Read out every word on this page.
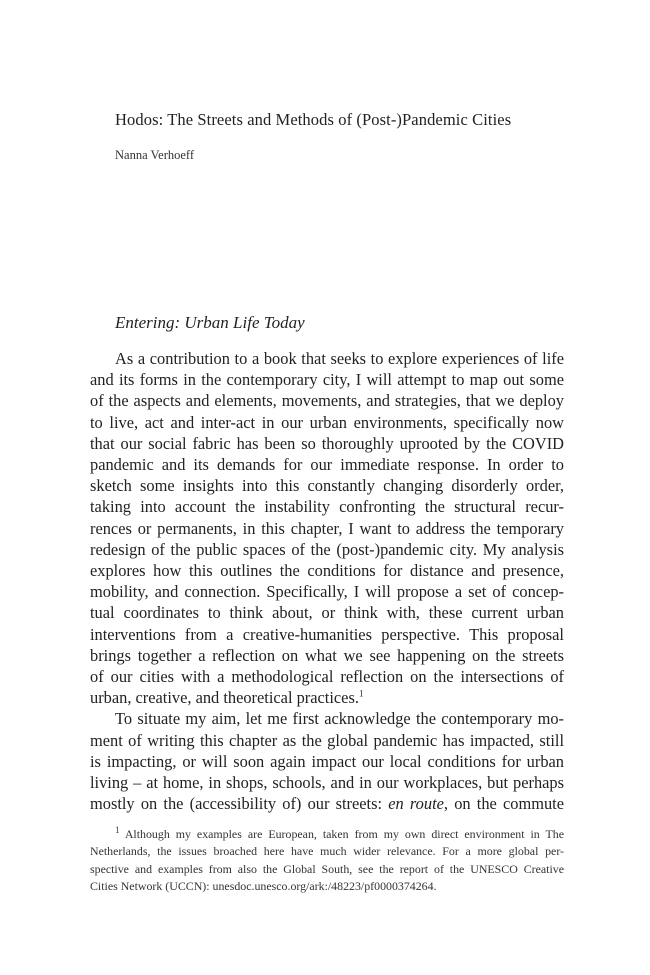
Hodos: The Streets and Methods of (Post-)Pandemic Cities
Nanna Verhoeff
Entering: Urban Life Today
As a contribution to a book that seeks to explore experiences of life
and its forms in the contemporary city, I will attempt to map out some
of the aspects and elements, movements, and strategies, that we deploy
to live, act and inter-act in our urban environments, specifically now
that our social fabric has been so thoroughly uprooted by the COVID
pandemic and its demands for our immediate response. In order to
sketch some insights into this constantly changing disorderly order,
taking into account the instability confronting the structural recur-
rences or permanents, in this chapter, I want to address the temporary
redesign of the public spaces of the (post-)pandemic city. My analysis
explores how this outlines the conditions for distance and presence,
mobility, and connection. Specifically, I will propose a set of concep-
tual coordinates to think about, or think with, these current urban
interventions from a creative-humanities perspective. This proposal
brings together a reflection on what we see happening on the streets
of our cities with a methodological reflection on the intersections of
urban, creative, and theoretical practices.$^1$
To situate my aim, let me first acknowledge the contemporary mo-
ment of writing this chapter as the global pandemic has impacted, still
is impacting, or will soon again impact our local conditions for urban
living – at home, in shops, schools, and in our workplaces, but perhaps
mostly on the (accessibility of) our streets: en route, on the commute
$^1$ Although my examples are European, taken from my own direct environment in The
Netherlands, the issues broached here have much wider relevance. For a more global per-
spective and examples from also the Global South, see the report of the UNESCO Creative
Cities Network (UCCN): unesdoc.unesco.org/ark:/48223/pf0000374264.
